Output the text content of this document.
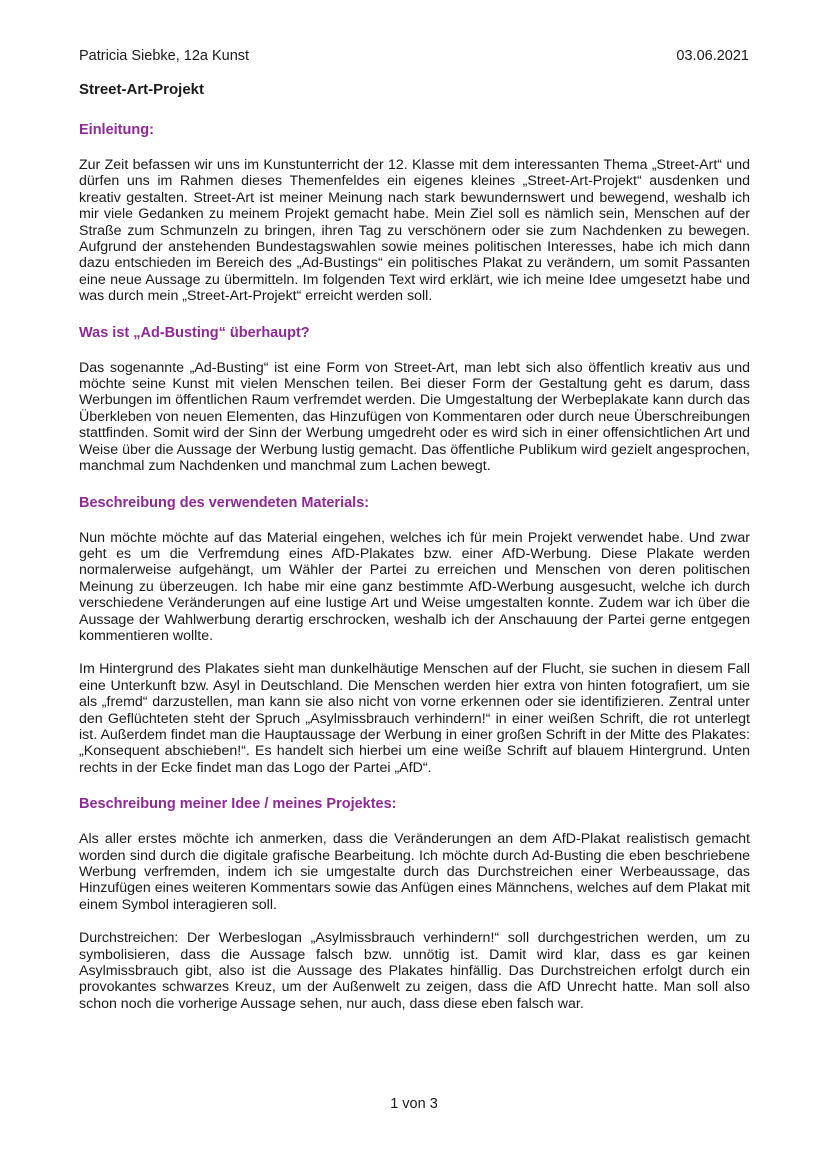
Patricia Siebke, 12a Kunst	03.06.2021
Street-Art-Projekt
Einleitung:

Zur Zeit befassen wir uns im Kunstunterricht der 12. Klasse mit dem interessanten Thema „Street-Art“ und dürfen uns im Rahmen dieses Themenfeldes ein eigenes kleines „Street-Art-Projekt“ ausdenken und kreativ gestalten. Street-Art ist meiner Meinung nach stark bewundernswert und bewegend, weshalb ich mir viele Gedanken zu meinem Projekt gemacht habe. Mein Ziel soll es nämlich sein, Menschen auf der Straße zum Schmunzeln zu bringen, ihren Tag zu verschönern oder sie zum Nachdenken zu bewegen. Aufgrund der anstehenden Bundestagswahlen sowie meines politischen Interesses, habe ich mich dann dazu entschieden im Bereich des „Ad-Bustings“ ein politisches Plakat zu verändern, um somit Passanten eine neue Aussage zu übermitteln. Im folgenden Text wird erklärt, wie ich meine Idee umgesetzt habe und was durch mein „Street-Art-Projekt“ erreicht werden soll.

Was ist „Ad-Busting“ überhaupt?

Das sogenannte „Ad-Busting“ ist eine Form von Street-Art, man lebt sich also öffentlich kreativ aus und möchte seine Kunst mit vielen Menschen teilen. Bei dieser Form der Gestaltung geht es darum, dass Werbungen im öffentlichen Raum verfremdet werden. Die Umgestaltung der Werbeplakate kann durch das Überkleben von neuen Elementen, das Hinzufügen von Kommentaren oder durch neue Überschreibungen stattfinden. Somit wird der Sinn der Werbung umgedreht oder es wird sich in einer offensichtlichen Art und Weise über die Aussage der Werbung lustig gemacht. Das öffentliche Publikum wird gezielt angesprochen, manchmal zum Nachdenken und manchmal zum Lachen bewegt.

Beschreibung des verwendeten Materials:

Nun möchte möchte auf das Material eingehen, welches ich für mein Projekt verwendet habe. Und zwar geht es um die Verfremdung eines AfD-Plakates bzw. einer AfD-Werbung. Diese Plakate werden normalerweise aufgehängt, um Wähler der Partei zu erreichen und Menschen von deren politischen Meinung zu überzeugen. Ich habe mir eine ganz bestimmte AfD-Werbung ausgesucht, welche ich durch verschiedene Veränderungen auf eine lustige Art und Weise umgestalten konnte. Zudem war ich über die Aussage der Wahlwerbung derartig erschrocken, weshalb ich der Anschauung der Partei gerne entgegen kommentieren wollte.

Im Hintergrund des Plakates sieht man dunkelhäutige Menschen auf der Flucht, sie suchen in diesem Fall eine Unterkunft bzw. Asyl in Deutschland. Die Menschen werden hier extra von hinten fotografiert, um sie als „fremd“ darzustellen, man kann sie also nicht von vorne erkennen oder sie identifizieren. Zentral unter den Geflüchteten steht der Spruch „Asylmissbrauch verhindern!“ in einer weißen Schrift, die rot unterlegt ist. Außerdem findet man die Hauptaussage der Werbung in einer großen Schrift in der Mitte des Plakates: „Konsequent abschieben!“. Es handelt sich hierbei um eine weiße Schrift auf blauem Hintergrund. Unten rechts in der Ecke findet man das Logo der Partei „AfD“.

Beschreibung meiner Idee / meines Projektes:

Als aller erstes möchte ich anmerken, dass die Veränderungen an dem AfD-Plakat realistisch gemacht worden sind durch die digitale grafische Bearbeitung. Ich möchte durch Ad-Busting die eben beschriebene Werbung verfremden, indem ich sie umgestalte durch das Durchstreichen einer Werbeaussage, das Hinzufügen eines weiteren Kommentars sowie das Anfügen eines Männchens, welches auf dem Plakat mit einem Symbol interagieren soll.

Durchstreichen: Der Werbeslogan „Asylmissbrauch verhindern!“ soll durchgestrichen werden, um zu symbolisieren, dass die Aussage falsch bzw. unnötig ist. Damit wird klar, dass es gar keinen Asylmissbrauch gibt, also ist die Aussage des Plakates hinfällig. Das Durchstreichen erfolgt durch ein provokantes schwarzes Kreuz, um der Außenwelt zu zeigen, dass die AfD Unrecht hatte. Man soll also schon noch die vorherige Aussage sehen, nur auch, dass diese eben falsch war.

1 von 3
